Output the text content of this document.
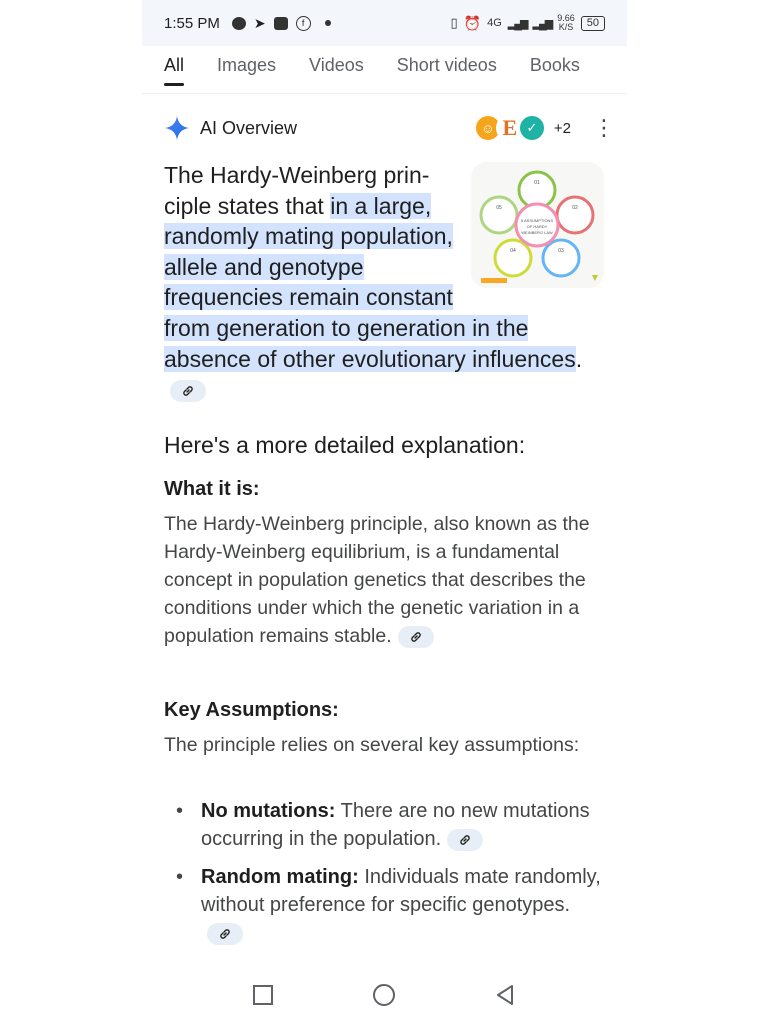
1:55 PM ➤	f	▯ ⏰ 4G ▂▄▆ ▂▄▆ 9.66
K/S	50
All Images Videos Short videos Books
AI Overview	☺ E ✓	+2 ⋮
5 ASSUMPTIONS
OF HARDY
WEINBERG LAW
01
02
03
04
05
The Hardy-Weinberg principle states that in a large, randomly mating population, allele and genotype frequencies remain constant from generation to generation in the absence of other evolutionary influences.
Here's a more detailed explanation:
What it is:
The Hardy-Weinberg principle, also known as the Hardy-Weinberg equilibrium, is a fundamental concept in population genetics that describes the conditions under which the genetic variation in a population remains stable.
Key Assumptions:
The principle relies on several key assumptions:
• No mutations: There are no new mutations occurring in the population.
• Random mating: Individuals mate randomly, without preference for specific genotypes.
